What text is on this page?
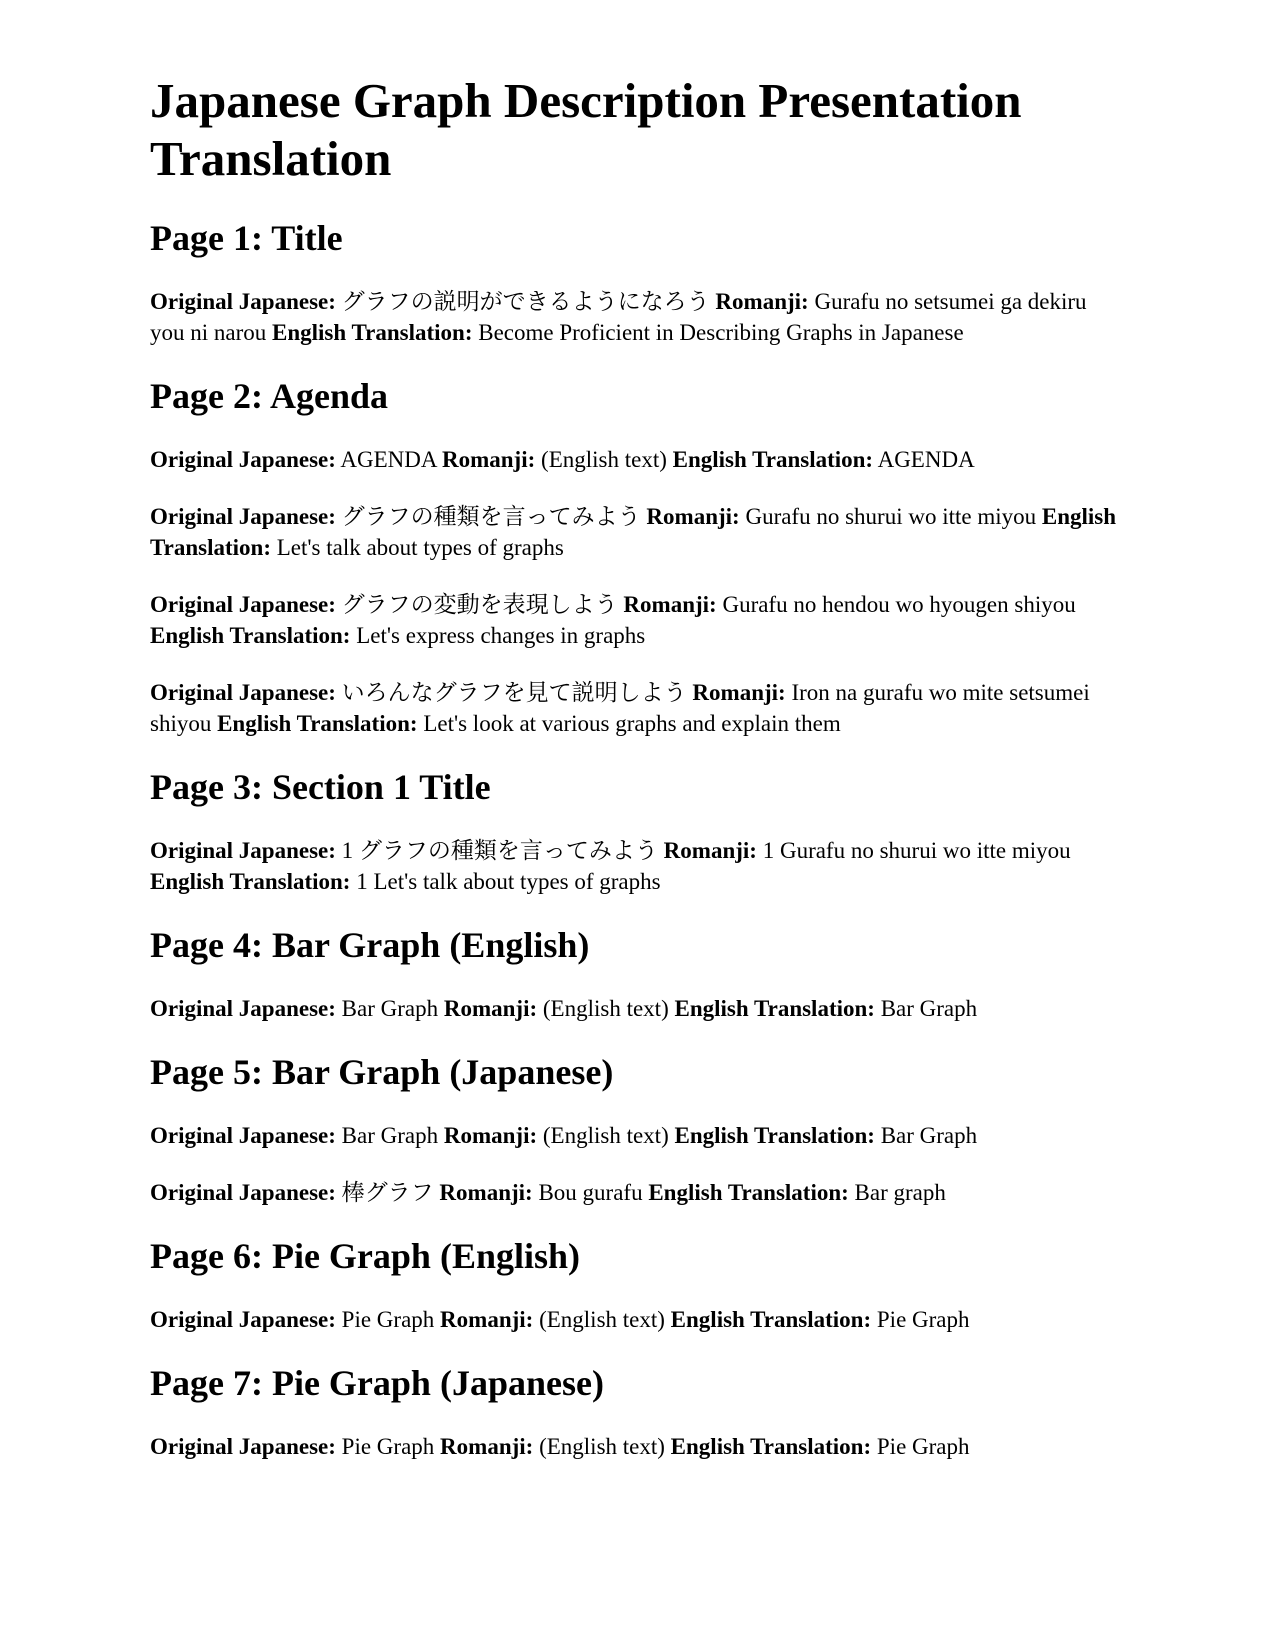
Japanese Graph Description Presentation Translation
Page 1: Title

Original Japanese: グラフの説明ができるようになろう Romanji: Gurafu no setsumei ga dekiru you ni narou English Translation: Become Proficient in Describing Graphs in Japanese

Page 2: Agenda

Original Japanese: AGENDA Romanji: (English text) English Translation: AGENDA

Original Japanese: グラフの種類を言ってみよう Romanji: Gurafu no shurui wo itte miyou English Translation: Let's talk about types of graphs

Original Japanese: グラフの変動を表現しよう Romanji: Gurafu no hendou wo hyougen shiyou English Translation: Let's express changes in graphs

Original Japanese: いろんなグラフを見て説明しよう Romanji: Iron na gurafu wo mite setsumei shiyou English Translation: Let's look at various graphs and explain them

Page 3: Section 1 Title

Original Japanese: 1 グラフの種類を言ってみよう Romanji: 1 Gurafu no shurui wo itte miyou English Translation: 1 Let's talk about types of graphs

Page 4: Bar Graph (English)

Original Japanese: Bar Graph Romanji: (English text) English Translation: Bar Graph

Page 5: Bar Graph (Japanese)

Original Japanese: Bar Graph Romanji: (English text) English Translation: Bar Graph

Original Japanese: 棒グラフ Romanji: Bou gurafu English Translation: Bar graph

Page 6: Pie Graph (English)

Original Japanese: Pie Graph Romanji: (English text) English Translation: Pie Graph

Page 7: Pie Graph (Japanese)

Original Japanese: Pie Graph Romanji: (English text) English Translation: Pie Graph
